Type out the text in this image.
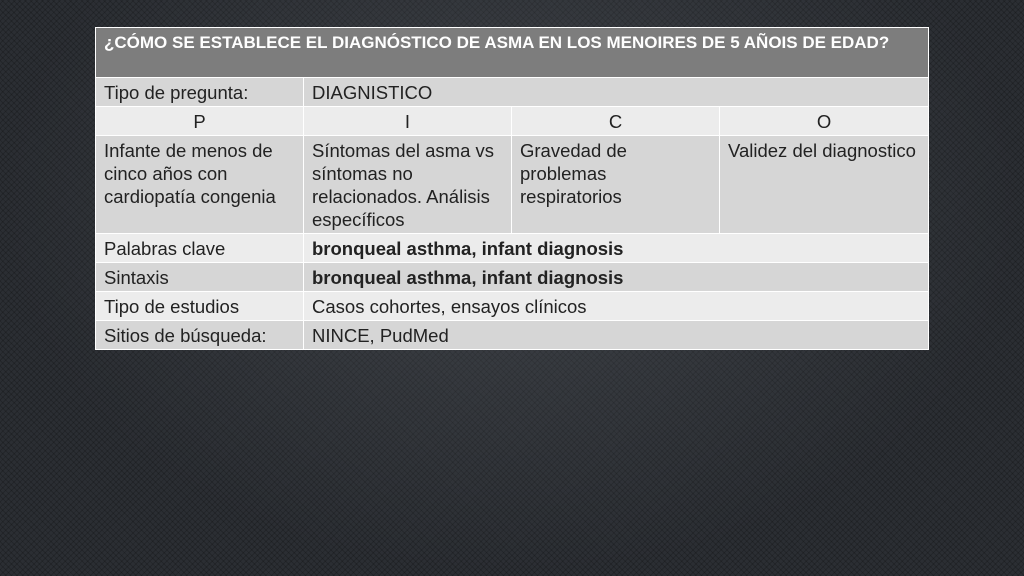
¿CÓMO SE ESTABLECE EL DIAGNÓSTICO DE ASMA EN LOS MENOIRES DE 5 AÑOIS DE EDAD?			
Tipo de pregunta:	DIAGNISTICO		
P	I	C	O
Infante de menos de cinco años con cardiopatía congenia	Síntomas del asma vs síntomas no relacionados. Análisis específicos	Gravedad de problemas respiratorios	Validez del diagnostico
Palabras clave	bronqueal asthma, infant diagnosis		
Sintaxis	bronqueal asthma, infant diagnosis		
Tipo de estudios	Casos cohortes, ensayos clínicos		
Sitios de búsqueda:	NINCE, PudMed		
